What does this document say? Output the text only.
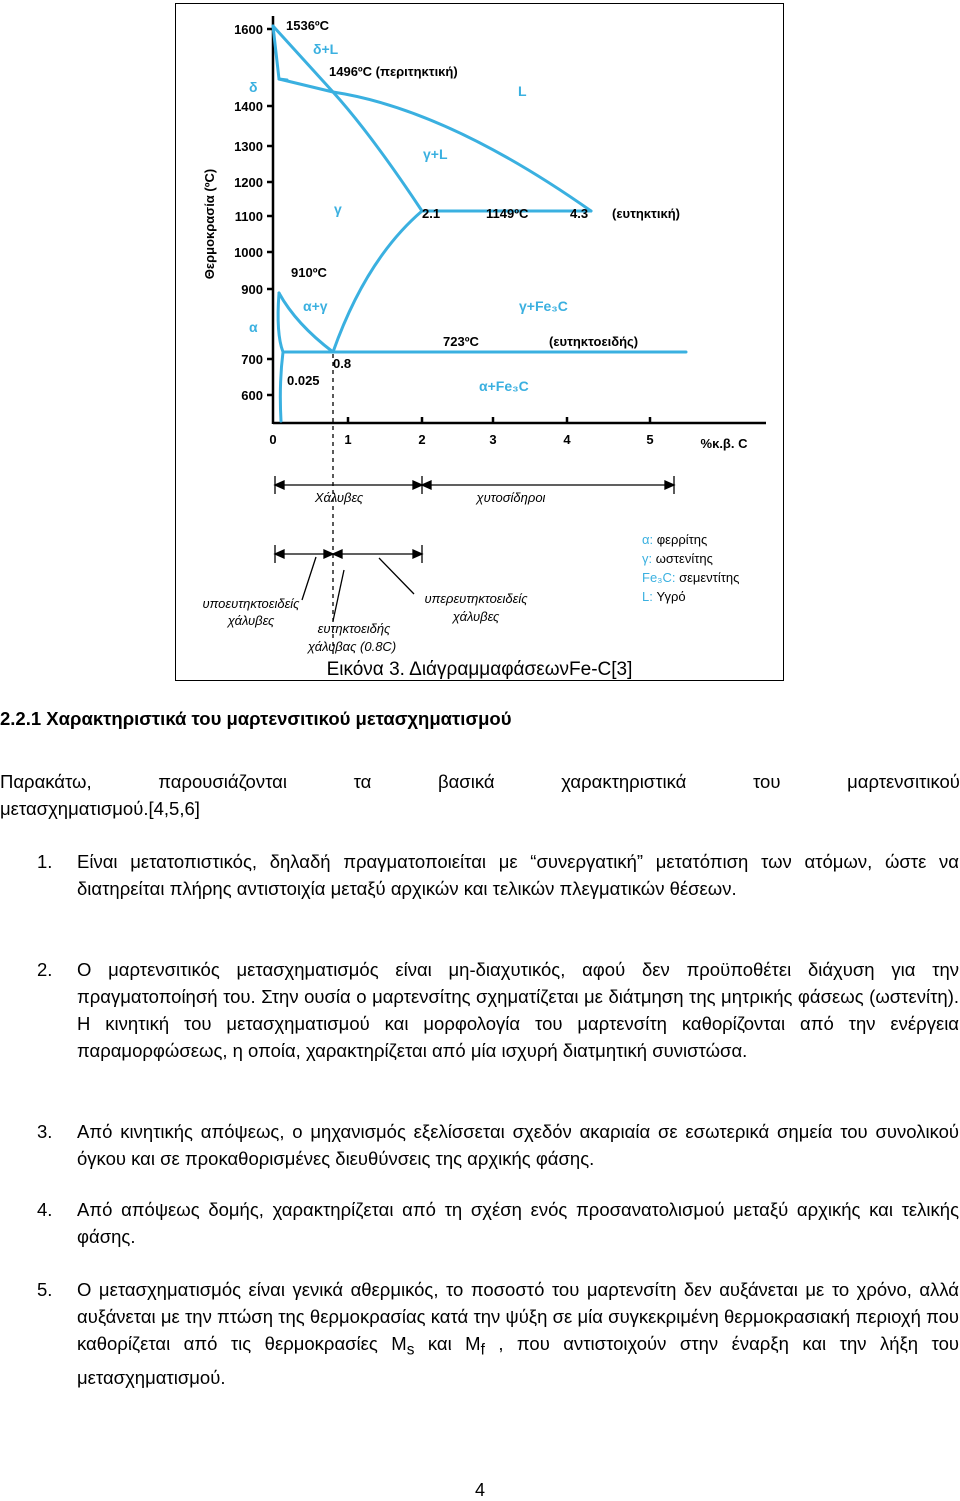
1600
1400
1300
1200
1100
1000
900
700
600
Θερμοκρασία (ºC)
0	1	2	3	4	5	%κ.β. C
1536ºC
1496ºC (περιτηκτική)
2.1	1149ºC	4.3 (ευτηκτική)
910ºC
723ºC	(ευτηκτοειδής)
0.8
0.025
δ+L
δ	L
γ+L
γ
α+γ	γ+Fe₃C
α
α+Fe₃C
Χάλυβες	χυτοσίδηροι
υποευτηκτοειδείς
χάλυβες
ευτηκτοειδής
χάλυβας (0.8C)
υπερευτηκτοειδείς
χάλυβες
α: φερρίτης
γ: ωστενίτης
Fe₃C: σεμεντίτης
L: Υγρό
Εικόνα 3. ΔιάγραμμαφάσεωνFe-C[3]
2.2.1 Χαρακτηριστικά του μαρτενσιτικού μετασχηματισμού
Παρακάτω,	παρουσιάζονται	τα	βασικά	χαρακτηριστικά	του	μαρτενσιτικού
μετασχηματισμού.[4,5,6]
1. Είναι μετατοπιστικός, δηλαδή πραγματοποιείται με “συνεργατική” μετατόπιση των ατόμων, ώστε να διατηρείται πλήρης αντιστοιχία μεταξύ αρχικών και τελικών πλεγματικών θέσεων.
2. Ο μαρτενσιτικός μετασχηματισμός είναι μη-διαχυτικός, αφού δεν προϋποθέτει διάχυση για την πραγματοποίησή του. Στην ουσία ο μαρτενσίτης σχηματίζεται με διάτμηση της μητρικής φάσεως (ωστενίτη). Η κινητική του μετασχηματισμού και μορφολογία του μαρτενσίτη καθορίζονται από την ενέργεια παραμορφώσεως, η οποία, χαρακτηρίζεται από μία ισχυρή διατμητική συνιστώσα.
3. Από κινητικής απόψεως, ο μηχανισμός εξελίσσεται σχεδόν ακαριαία σε εσωτερικά σημεία του συνολικού όγκου και σε προκαθορισμένες διευθύνσεις της αρχικής φάσης.
4. Από απόψεως δομής, χαρακτηρίζεται από τη σχέση ενός προσανατολισμού μεταξύ αρχικής και τελικής φάσης.
5. Ο μετασχηματισμός είναι γενικά αθερμικός, το ποσοστό του μαρτενσίτη δεν αυξάνεται με το χρόνο, αλλά αυξάνεται με την πτώση της θερμοκρασίας κατά την ψύξη σε μία συγκεκριμένη θερμοκρασιακή περιοχή που καθορίζεται από τις θερμοκρασίες $M_s$ και $M_f$ , που αντιστοιχούν στην έναρξη και την λήξη του μετασχηματισμού.
4
